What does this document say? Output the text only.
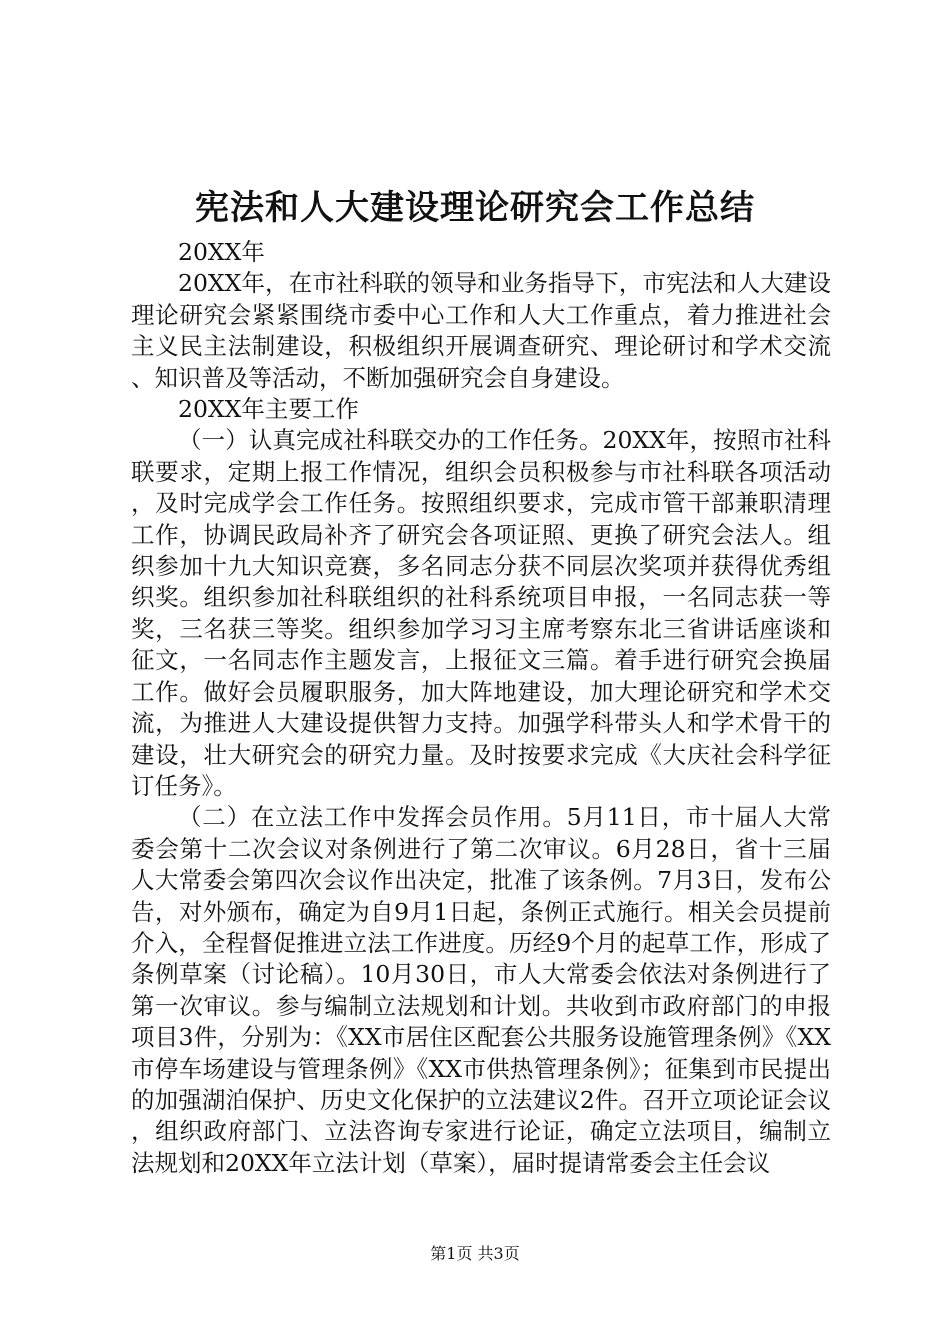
宪法和人大建设理论研究会工作总结

20XX年

20XX年，在市社科联的领导和业务指导下，市宪法和人大建设理论研究会紧紧围绕市委中心工作和人大工作重点，着力推进社会主义民主法制建设，积极组织开展调查研究、理论研讨和学术交流、知识普及等活动，不断加强研究会自身建设。

20XX年主要工作

（一）认真完成社科联交办的工作任务。20XX年，按照市社科联要求，定期上报工作情况，组织会员积极参与市社科联各项活动，及时完成学会工作任务。按照组织要求，完成市管干部兼职清理工作，协调民政局补齐了研究会各项证照、更换了研究会法人。组织参加十九大知识竞赛，多名同志分获不同层次奖项并获得优秀组织奖。组织参加社科联组织的社科系统项目申报，一名同志获一等奖，三名获三等奖。组织参加学习习主席考察东北三省讲话座谈和征文，一名同志作主题发言，上报征文三篇。着手进行研究会换届工作。做好会员履职服务，加大阵地建设，加大理论研究和学术交流，为推进人大建设提供智力支持。加强学科带头人和学术骨干的建设，壮大研究会的研究力量。及时按要求完成《大庆社会科学征订任务》。

（二）在立法工作中发挥会员作用。5月11日，市十届人大常委会第十二次会议对条例进行了第二次审议。6月28日，省十三届人大常委会第四次会议作出决定，批准了该条例。7月3日，发布公告，对外颁布，确定为自9月1日起，条例正式施行。相关会员提前介入，全程督促推进立法工作进度。历经9个月的起草工作，形成了条例草案（讨论稿）。10月30日，市人大常委会依法对条例进行了第一次审议。参与编制立法规划和计划。共收到市政府部门的申报项目3件，分别为：《XX市居住区配套公共服务设施管理条例》《XX市停车场建设与管理条例》《XX市供热管理条例》；征集到市民提出的加强湖泊保护、历史文化保护的立法建议2件。召开立项论证会议，组织政府部门、立法咨询专家进行论证，确定立法项目，编制立法规划和20XX年立法计划（草案），届时提请常委会主任会议

第1页 共3页
